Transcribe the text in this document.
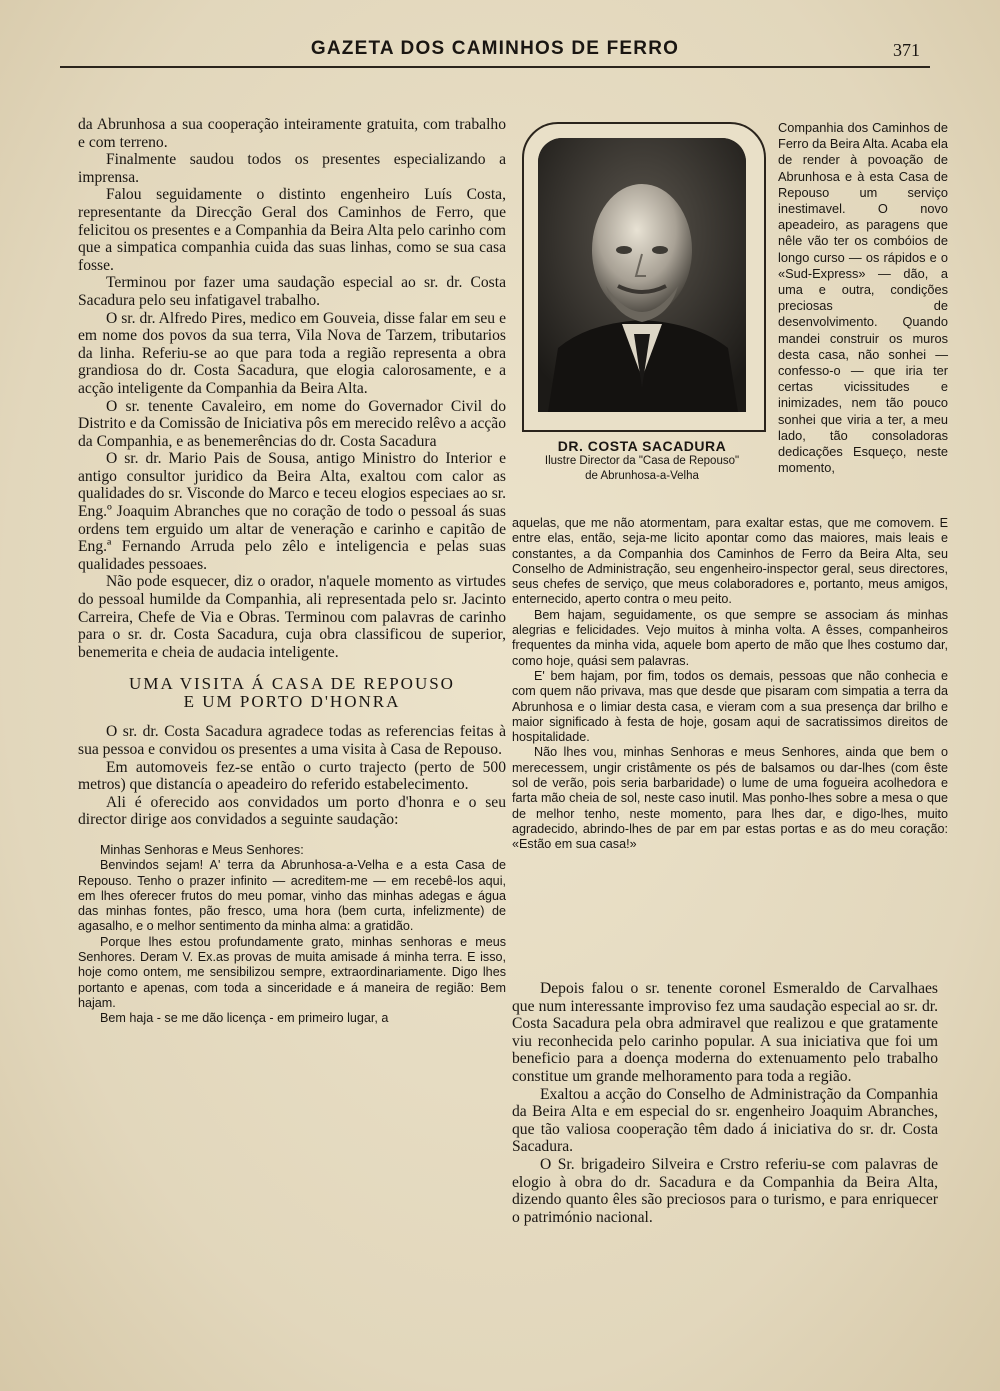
GAZETA DOS CAMINHOS DE FERRO	371

da Abrunhosa a sua cooperação inteiramente gratuita, com trabalho e com terreno.

Finalmente saudou todos os presentes especializando a imprensa.

Falou seguidamente o distinto engenheiro Luís Costa, representante da Direcção Geral dos Caminhos de Ferro, que felicitou os presentes e a Companhia da Beira Alta pelo carinho com que a simpatica companhia cuida das suas linhas, como se sua casa fosse.

Terminou por fazer uma saudação especial ao sr. dr. Costa Sacadura pelo seu infatigavel trabalho.

O sr. dr. Alfredo Pires, medico em Gouveia, disse falar em seu e em nome dos povos da sua terra, Vila Nova de Tarzem, tributarios da linha. Referiu-se ao que para toda a região representa a obra grandiosa do dr. Costa Sacadura, que elogia calorosamente, e a acção inteligente da Companhia da Beira Alta.

O sr. tenente Cavaleiro, em nome do Governador Civil do Distrito e da Comissão de Iniciativa pôs em merecido relêvo a acção da Companhia, e as benemerências do dr. Costa Sacadura

O sr. dr. Mario Pais de Sousa, antigo Ministro do Interior e antigo consultor juridico da Beira Alta, exaltou com calor as qualidades do sr. Visconde do Marco e teceu elogios especiaes ao sr. Eng.º Joaquim Abranches que no coração de todo o pessoal ás suas ordens tem erguido um altar de veneração e carinho e capitão de Eng.ª Fernando Arruda pelo zêlo e inteligencia e pelas suas qualidades pessoaes.

Não pode esquecer, diz o orador, n'aquele momento as virtudes do pessoal humilde da Companhia, ali representada pelo sr. Jacinto Carreira, Chefe de Via e Obras. Terminou com palavras de carinho para o sr. dr. Costa Sacadura, cuja obra classificou de superior, benemerita e cheia de audacia inteligente.

UMA VISITA Á CASA DE REPOUSO
E UM PORTO D'HONRA

O sr. dr. Costa Sacadura agradece todas as referencias feitas à sua pessoa e convidou os presentes a uma visita à Casa de Repouso.

Em automoveis fez-se então o curto trajecto (perto de 500 metros) que distancía o apeadeiro do referido estabelecimento.

Ali é oferecido aos convidados um porto d'honra e o seu director dirige aos convidados a seguinte saudação:

Minhas Senhoras e Meus Senhores:

Benvindos sejam! A' terra da Abrunhosa-a-Velha e a esta Casa de Repouso. Tenho o prazer infinito — acreditem-me — em recebê-los aqui, em lhes oferecer frutos do meu pomar, vinho das minhas adegas e água das minhas fontes, pão fresco, uma hora (bem curta, infelizmente) de agasalho, e o melhor sentimento da minha alma: a gratidão.

Porque lhes estou profundamente grato, minhas senhoras e meus Senhores. Deram V. Ex.as provas de muita amisade á minha terra. E isso, hoje como ontem, me sensibilizou sempre, extraordinariamente. Digo lhes portanto e apenas, com toda a sinceridade e á maneira de região: Bem hajam.

Bem haja - se me dão licença - em primeiro lugar, a

DR. COSTA SACADURA
Ilustre Director da "Casa de Repouso"
de Abrunhosa-a-Velha

Companhia dos Caminhos de Ferro da Beira Alta. Acaba ela de render à povoação de Abrunhosa e à esta Casa de Repouso um serviço inestimavel. O novo apeadeiro, as paragens que nêle vão ter os combóios de longo curso — os rápidos e o «Sud-Express» — dão, a uma e outra, condições preciosas de desenvolvimento. Quando mandei construir os muros desta casa, não sonhei — confesso-o — que iria ter certas vicissitudes e inimizades, nem tão pouco sonhei que viria a ter, a meu lado, tão consoladoras dedicações Esqueço, neste momento,

aquelas, que me não atormentam, para exaltar estas, que me comovem. E entre elas, então, seja-me licito apontar como das maiores, mais leais e constantes, a da Companhia dos Caminhos de Ferro da Beira Alta, seu Conselho de Administração, seu engenheiro-inspector geral, seus directores, seus chefes de serviço, que meus colaboradores e, portanto, meus amigos, enternecido, aperto contra o meu peito.

Bem hajam, seguidamente, os que sempre se associam ás minhas alegrias e felicidades. Vejo muitos à minha volta. A êsses, companheiros frequentes da minha vida, aquele bom aperto de mão que lhes costumo dar, como hoje, quási sem palavras.

E' bem hajam, por fim, todos os demais, pessoas que não conhecia e com quem não privava, mas que desde que pisaram com simpatia a terra da Abrunhosa e o limiar desta casa, e vieram com a sua presença dar brilho e maior significado à festa de hoje, gosam aqui de sacratissimos direitos de hospitalidade.

Não lhes vou, minhas Senhoras e meus Senhores, ainda que bem o merecessem, ungir cristâmente os pés de balsamos ou dar-lhes (com êste sol de verão, pois seria barbaridade) o lume de uma fogueira acolhedora e farta mão cheia de sol, neste caso inutil. Mas ponho-lhes sobre a mesa o que de melhor tenho, neste momento, para lhes dar, e digo-lhes, muito agradecido, abrindo-lhes de par em par estas portas e as do meu coração: «Estão em sua casa!»

Depois falou o sr. tenente coronel Esmeraldo de Carvalhaes que num interessante improviso fez uma saudação especial ao sr. dr. Costa Sacadura pela obra admiravel que realizou e que gratamente viu reconhecida pelo carinho popular. A sua iniciativa que foi um beneficio para a doença moderna do extenuamento pelo trabalho constitue um grande melhoramento para toda a região.

Exaltou a acção do Conselho de Administração da Companhia da Beira Alta e em especial do sr. engenheiro Joaquim Abranches, que tão valiosa cooperação têm dado á iniciativa do sr. dr. Costa Sacadura.

O Sr. brigadeiro Silveira e Crstro referiu-se com palavras de elogio à obra do dr. Sacadura e da Companhia da Beira Alta, dizendo quanto êles são preciosos para o turismo, e para enriquecer o património nacional.
